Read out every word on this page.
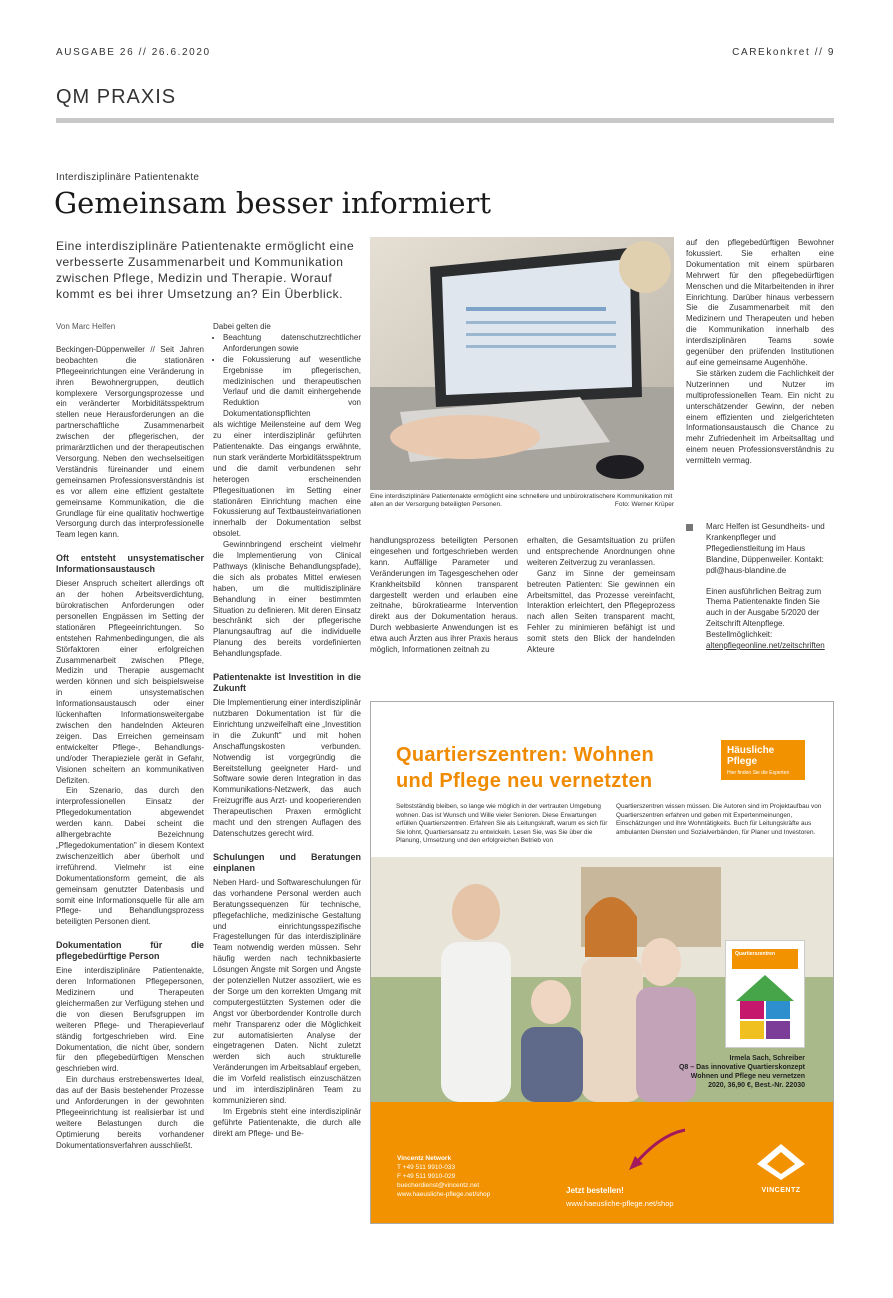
AUSGABE 26 // 26.6.2020	CAREkonkret // 9
QM PRAXIS
Interdisziplinäre Patientenakte
Gemeinsam besser informiert
Eine interdisziplinäre Patientenakte ermöglicht eine verbesserte Zusammenarbeit und Kommunikation zwischen Pflege, Medizin und Therapie. Worauf kommt es bei ihrer Umsetzung an? Ein Überblick.

Von Marc Helfen

Beckingen-Düppenweiler // Seit Jahren beobachten die stationären Pflegeeinrichtungen eine Veränderung in ihren Bewohnergruppen, deutlich komplexere Versorgungsprozesse und ein veränderter Morbiditätsspektrum stellen neue Herausforderungen an die partnerschaftliche Zusammenarbeit zwischen der pflegerischen, der primarärztlichen und der therapeutischen Versorgung. Neben den wechselseitigen Verständnis füreinander und einem gemeinsamen Professionsverständnis ist es vor allem eine effizient gestaltete gemeinsame Kommunikation, die die Grundlage für eine qualitativ hochwertige Versorgung durch das interprofessionelle Team legen kann.

Oft entsteht unsystematischer Informationsaustausch

Dieser Anspruch scheitert allerdings oft an der hohen Arbeitsverdichtung, bürokratischen Anforderungen oder personellen Engpässen im Setting der stationären Pflegeeinrichtungen. So entstehen Rahmenbedingungen, die als Störfaktoren einer erfolgreichen Zusammenarbeit zwischen Pflege, Medizin und Therapie ausgemacht werden können und sich beispielsweise in einem unsystematischen Informationsaustausch oder einer lückenhaften Informationsweitergabe zwischen den handelnden Akteuren zeigen. Das Erreichen gemeinsam entwickelter Pflege-, Behandlungs- und/oder Therapieziele gerät in Gefahr, Visionen scheitern an kommunikativen Defiziten.

Ein Szenario, das durch den interprofessionellen Einsatz der Pflegedokumentation abgewendet werden kann. Dabei scheint die allhergebrachte Bezeichnung „Pflegedokumentation" in diesem Kontext zwischenzeitlich aber überholt und irreführend. Vielmehr ist eine Dokumentationsform gemeint, die als gemeinsam genutzter Datenbasis und somit eine Informationsquelle für alle am Pflege- und Behandlungsprozess beteiligten Personen dient.

Dokumentation für die pflegebedürftige Person

Eine interdisziplinäre Patientenakte, deren Informationen Pflegepersonen, Medizinern und Therapeuten gleichermaßen zur Verfügung stehen und die von diesen Berufsgruppen im weiteren Pflege- und Therapieverlauf ständig fortgeschrieben wird. Eine Dokumentation, die nicht über, sondern für den pflegebedürftigen Menschen geschrieben wird.

Ein durchaus erstrebenswertes Ideal, das auf der Basis bestehender Prozesse und Anforderungen in der gewohnten Pflegeeinrichtung ist realisierbar ist und weitere Belastungen durch die Optimierung bereits vorhandener Dokumentationsverfahren ausschließt.

Dabei gelten die

• Beachtung datenschutzrechtlicher Anforderungen sowie
• die Fokussierung auf wesentliche Ergebnisse im pflegerischen, medizinischen und therapeutischen Verlauf und die damit einhergehende Reduktion von Dokumentationspflichten

als wichtige Meilensteine auf dem Weg zu einer interdisziplinär geführten Patientenakte. Das eingangs erwähnte, nun stark veränderte Morbiditätsspektrum und die damit verbundenen sehr heterogen erscheinenden Pflegesituationen im Setting einer stationären Einrichtung machen eine Fokussierung auf Textbausteinvariationen innerhalb der Dokumentation selbst obsolet.

Gewinnbringend erscheint vielmehr die Implementierung von Clinical Pathways (klinische Behandlungspfade), die sich als probates Mittel erwiesen haben, um die multidisziplinäre Behandlung in einer bestimmten Situation zu definieren. Mit deren Einsatz beschränkt sich der pflegerische Planungsauftrag auf die individuelle Planung des bereits vordefinierten Behandlungspfade.

Patientenakte ist Investition in die Zukunft

Die Implementierung einer interdisziplinär nutzbaren Dokumentation ist für die Einrichtung unzweifelhaft eine „Investition in die Zukunft" und mit hohen Anschaffungskosten verbunden. Notwendig ist vorgegründig die Bereitstellung geeigneter Hard- und Software sowie deren Integration in das Kommunikations-Netzwerk, das auch Freizugriffe aus Arzt- und kooperierenden Therapeutischen Praxen ermöglicht macht und den strengen Auflagen des Datenschutzes gerecht wird.

Schulungen und Beratungen einplanen

Neben Hard- und Softwareschulungen für das vorhandene Personal werden auch Beratungssequenzen für technische, pflegefachliche, medizinische Gestaltung und einrichtungsspezifische Fragestellungen für das interdisziplinäre Team notwendig werden müssen. Sehr häufig werden nach technikbasierte Lösungen Ängste mit Sorgen und Ängste der potenziellen Nutzer assoziiert, wie es der Sorge um den korrekten Umgang mit computergestützten Systemen oder die Angst vor überbordender Kontrolle durch mehr Transparenz oder die Möglichkeit zur automatisierten Analyse der eingetragenen Daten. Nicht zuletzt werden sich auch strukturelle Veränderungen im Arbeitsablauf ergeben, die im Vorfeld realistisch einzuschätzen und im interdisziplinären Team zu kommunizieren sind.

Im Ergebnis steht eine interdisziplinär geführte Patientenakte, die durch alle direkt am Pflege- und Be-

Eine interdisziplinäre Patientenakte ermöglicht eine schnellere und unbürokratischere Kommunikation mit allen an der Versorgung beteiligten Personen.	Foto: Werner Krüper

handlungsprozess beteiligten Personen eingesehen und fortgeschrieben werden kann. Auffällige Parameter und Veränderungen im Tagesgeschehen oder Krankheitsbild können transparent dargestellt werden und erlauben eine zeitnahe, bürokratiearme Intervention direkt aus der Dokumentation heraus. Durch webbasierte Anwendungen ist es etwa auch Ärzten aus ihrer Praxis heraus möglich, Informationen zeitnah zu

erhalten, die Gesamtsituation zu prüfen und entsprechende Anordnungen ohne weiteren Zeitverzug zu veranlassen.

Ganz im Sinne der gemeinsam betreuten Patienten: Sie gewinnen ein Arbeitsmittel, das Prozesse vereinfacht, Interaktion erleichtert, den Pflegeprozess nach allen Seiten transparent macht, Fehler zu minimieren befähigt ist und somit stets den Blick der handelnden Akteure

auf den pflegebedürftigen Bewohner fokussiert. Sie erhalten eine Dokumentation mit einem spürbaren Mehrwert für den pflegebedürftigen Menschen und die Mitarbeitenden in ihrer Einrichtung. Darüber hinaus verbessern Sie die Zusammenarbeit mit den Medizinern und Therapeuten und heben die Kommunikation innerhalb des interdisziplinären Teams sowie gegenüber den prüfenden Institutionen auf eine gemeinsame Augenhöhe.

Sie stärken zudem die Fachlichkeit der Nutzerinnen und Nutzer im multiprofessionellen Team. Ein nicht zu unterschätzender Gewinn, der neben einem effizienten und zielgerichteten Informationsaustausch die Chance zu mehr Zufriedenheit im Arbeitsalltag und einem neuen Professionsverständnis zu vermitteln vermag.

Marc Helfen ist Gesundheits- und Krankenpfleger und Pflegedienstleitung im Haus Blandine, Düppenweiler. Kontakt: pdl@haus-blandine.de

Einen ausführlichen Beitrag zum Thema Patientenakte finden Sie auch in der Ausgabe 5/2020 der Zeitschrift Altenpflege. Bestellmöglichkeit:

altenpflegeonline.net/zeitschriften

Quartierszentren: Wohnen
und Pflege neu vernetzten
Häusliche Pflege
Hier finden Sie die Experten
Selbstständig bleiben, so lange wie möglich in der vertrauten Umgebung wohnen. Das ist Wunsch und Wille vieler Senioren. Diese Erwartungen erfüllen Quartierszentren. Erfahren Sie als Leitungskraft, warum es sich für Sie lohnt, Quartiersansatz zu entwickeln. Lesen Sie, was Sie über die Planung, Umsetzung und den erfolgreichen Betrieb von
Quartierszentren wissen müssen. Die Autoren sind im Projektaufbau von Quartierszentren erfahren und geben mit Expertenmeinungen, Einschätzungen und ihre Wohntätigkeits. Buch für Leitungskräfte aus ambulanten Diensten und Sozialverbänden, für Planer und Investoren.
Quartierszentren
Irmela Sach, Schreiber
Q8 – Das innovative Quartierskonzept
Wohnen und Pflege neu vernetzen
2020, 36,90 €, Best.-Nr. 22030
Vincentz Network
T +49 511 9910-033
F +49 511 9910-029
buecherdienst@vincentz.net
www.haeusliche-pflege.net/shop	Jetzt bestellen!
www.haeusliche-pflege.net/shop
VINCENTZ
